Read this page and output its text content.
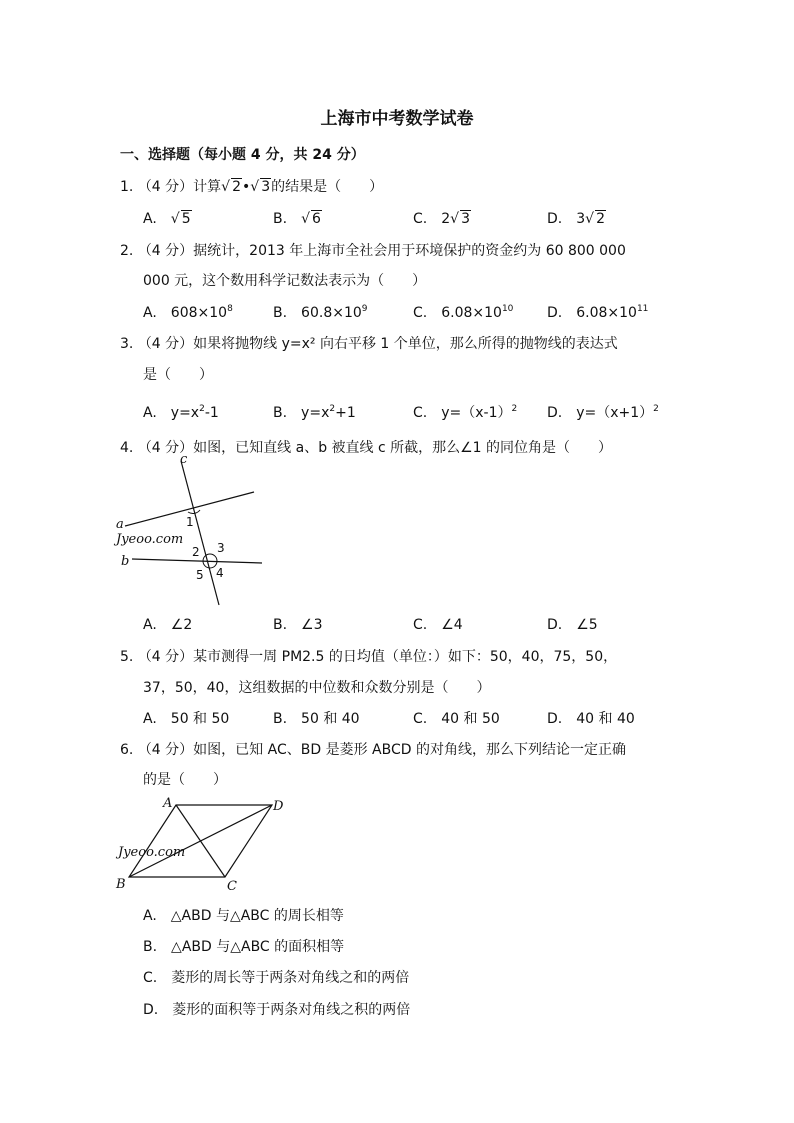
上海市中考数学试卷
一、选择题（每小题 4 分，共 24 分）
1. （4 分）计算√ 2•√ 3的结果是（　　）
A.　 √ 5	B.　 √ 6	C.　 2√ 3	D.　 3√ 2
2. （4 分）据统计，2013 年上海市全社会用于环境保护的资金约为 60 800 000
000 元，这个数用科学记数法表示为（　　）
A.　$608\times 10^8$	B.　$60.8\times 10^9$	C.　$6.08\times 10^{10}$ D.　$6.08\times 10^{11}$
3. （4 分）如果将抛物线 y=x² 向右平移 1 个单位，那么所得的抛物线的表达式
是（　　）
A.　$y=x^2-1$	B.　$y=x^2+1$	C.　$y=(x-1)^2$ D.　$y=(x+1)^2$
4. （4 分）如图，已知直线 a、b 被直线 c 所截，那么∠1 的同位角是（　　）
c
a
b
1
2 3
4
5
Jyeoo.com
A.　∠2	B.　∠3	C.　∠4	D.　∠5
5. （4 分）某市测得一周 PM2.5 的日均值（单位：）如下：50，40，75，50，
37，50，40，这组数据的中位数和众数分别是（　　）
A.　50 和 50	B.　50 和 40	C.　40 和 50	D.　40 和 40
6. （4 分）如图，已知 AC、BD 是菱形 ABCD 的对角线，那么下列结论一定正确
的是（　　）
A	D
B	C
Jyeoo.com
A.　△ABD 与△ABC 的周长相等
B.　△ABD 与△ABC 的面积相等
C.　菱形的周长等于两条对角线之和的两倍
D.　菱形的面积等于两条对角线之积的两倍
